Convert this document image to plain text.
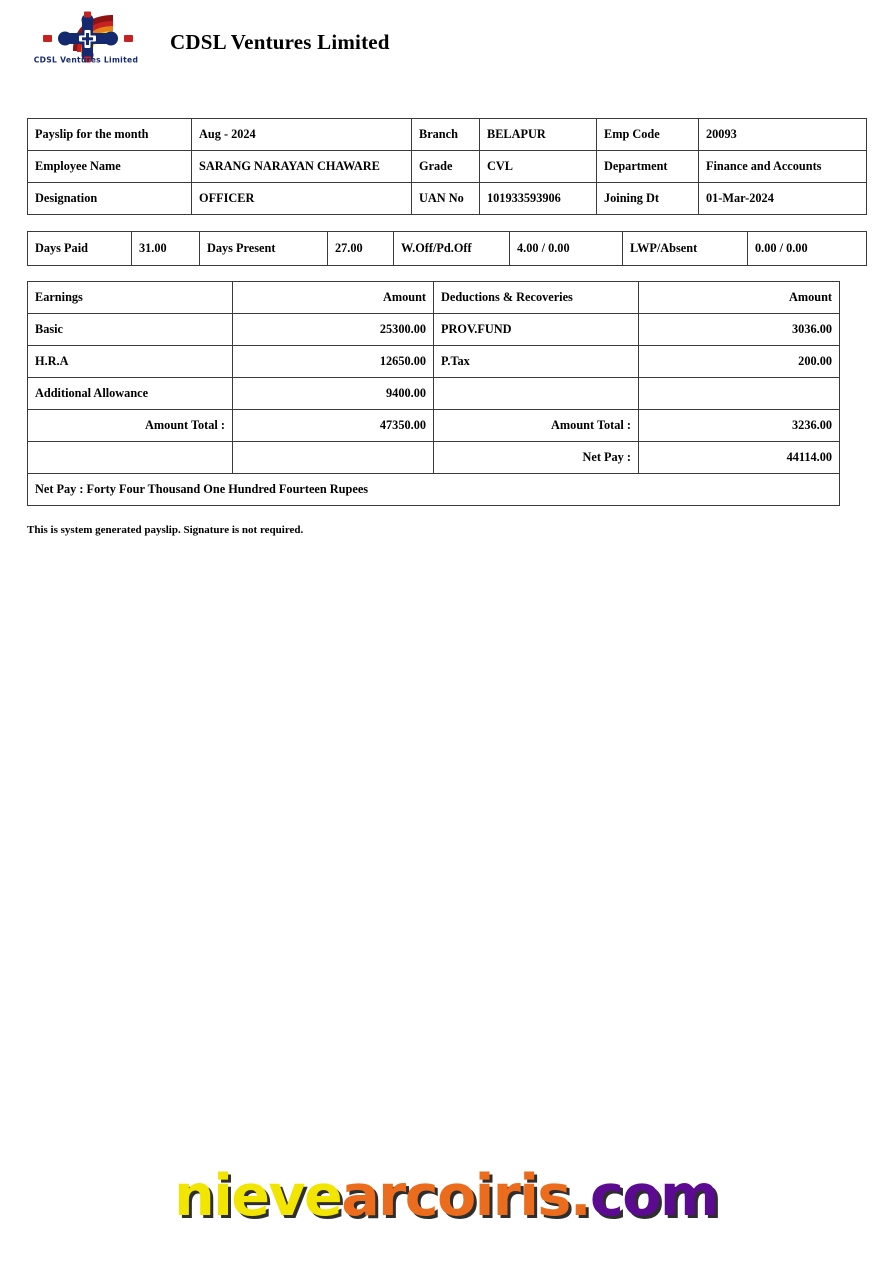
CDSL Ventures Limited
CDSL Ventures Limited
Payslip for the month	Aug - 2024	Branch	BELAPUR	Emp Code	20093
Employee Name	SARANG NARAYAN CHAWARE	Grade	CVL	Department	Finance and Accounts
Designation	OFFICER	UAN No	101933593906	Joining Dt	01-Mar-2024
Days Paid	31.00	Days Present	27.00	W.Off/Pd.Off	4.00 / 0.00	LWP/Absent	0.00 / 0.00
Earnings	Amount	Deductions & Recoveries	Amount
Basic	25300.00	PROV.FUND	3036.00
H.R.A	12650.00	P.Tax	200.00
Additional Allowance	9400.00		
Amount Total :	47350.00	Amount Total :	3236.00
		Net Pay :	44114.00
Net Pay : Forty Four Thousand One Hundred Fourteen Rupees			
This is system generated payslip. Signature is not required.
nievearcoiris.com
